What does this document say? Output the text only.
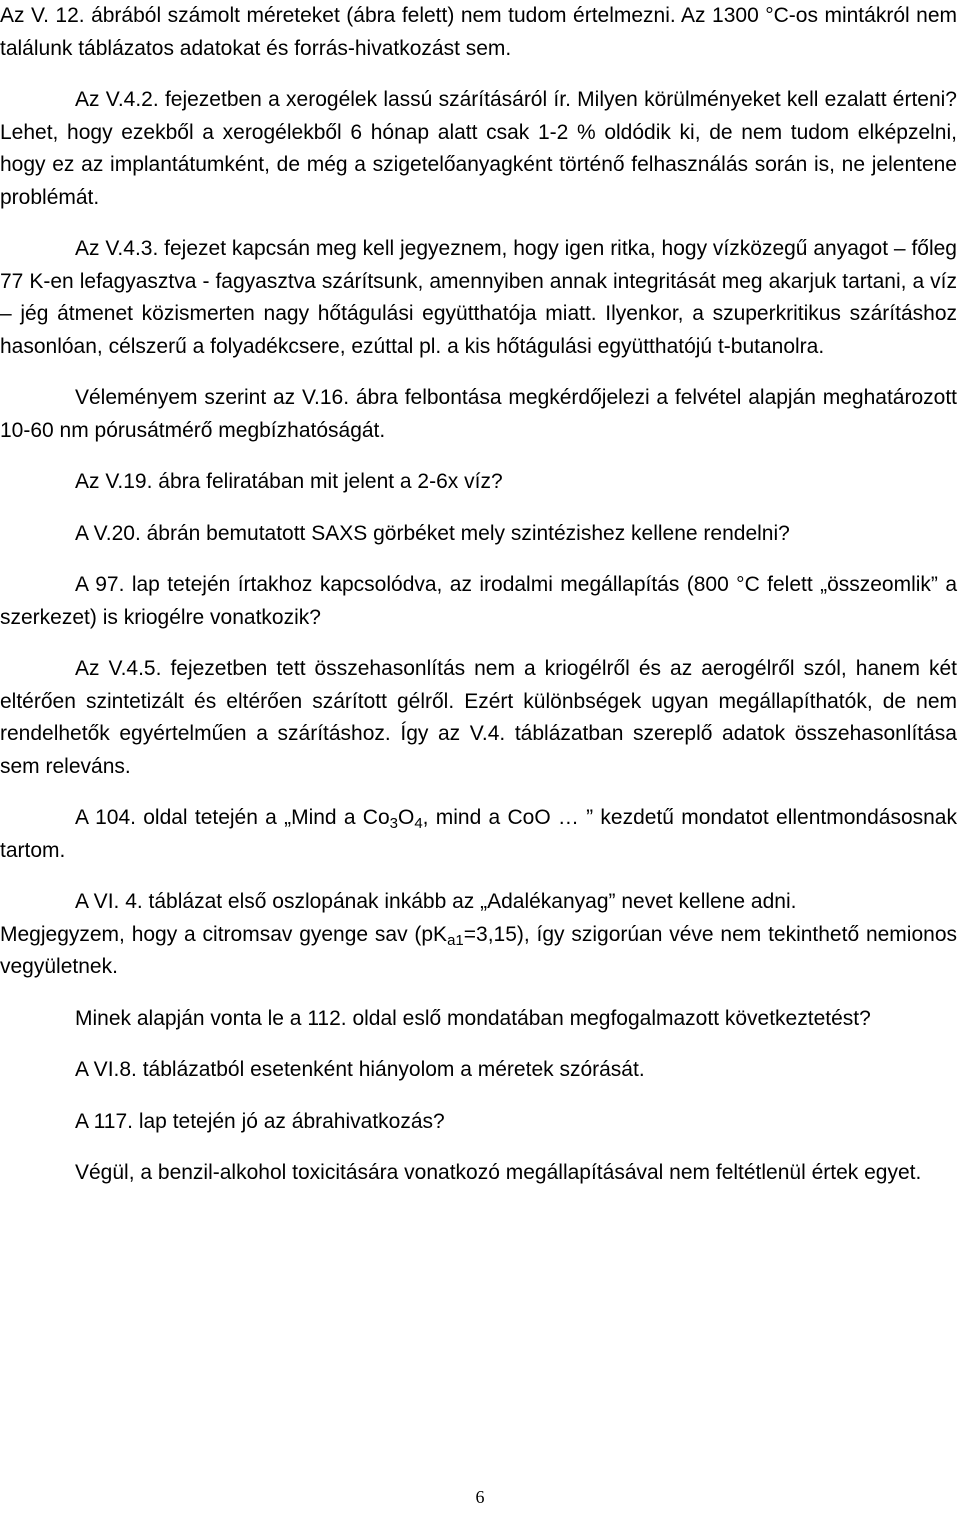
Az V. 12. ábrából számolt méreteket (ábra felett) nem tudom értelmezni. Az 1300 °C-os mintákról nem találunk táblázatos adatokat és forrás-hivatkozást sem.

Az V.4.2. fejezetben a xerogélek lassú szárításáról ír. Milyen körülményeket kell ezalatt érteni? Lehet, hogy ezekből a xerogélekből 6 hónap alatt csak 1-2 % oldódik ki, de nem tudom elképzelni, hogy ez az implantátumként, de még a szigetelőanyagként történő felhasználás során is, ne jelentene problémát.

Az V.4.3. fejezet kapcsán meg kell jegyeznem, hogy igen ritka, hogy vízközegű anyagot – főleg 77 K-en lefagyasztva - fagyasztva szárítsunk, amennyiben annak integritását meg akarjuk tartani, a víz – jég átmenet közismerten nagy hőtágulási együtthatója miatt. Ilyenkor, a szuperkritikus szárításhoz hasonlóan, célszerű a folyadékcsere, ezúttal pl. a kis hőtágulási együtthatójú t-butanolra.

Véleményem szerint az V.16. ábra felbontása megkérdőjelezi a felvétel alapján meghatározott 10-60 nm pórusátmérő megbízhatóságát.

Az V.19. ábra feliratában mit jelent a 2-6x víz?

A V.20. ábrán bemutatott SAXS görbéket mely szintézishez kellene rendelni?

A 97. lap tetején írtakhoz kapcsolódva, az irodalmi megállapítás (800 °C felett „összeomlik” a szerkezet) is kriogélre vonatkozik?

Az V.4.5. fejezetben tett összehasonlítás nem a kriogélről és az aerogélről szól, hanem két eltérően szintetizált és eltérően szárított gélről. Ezért különbségek ugyan megállapíthatók, de nem rendelhetők egyértelműen a szárításhoz. Így az V.4. táblázatban szereplő adatok összehasonlítása sem releváns.

A 104. oldal tetején a „Mind a $Co_3O_4$, mind a CoO … ” kezdetű mondatot ellentmondásosnak tartom.

A VI. 4. táblázat első oszlopának inkább az „Adalékanyag” nevet kellene adni.

Megjegyzem, hogy a citromsav gyenge sav $(pK_{a1}=3,15)$, így szigorúan véve nem tekinthető nemionos vegyületnek.

Minek alapján vonta le a 112. oldal eslő mondatában megfogalmazott következtetést?

A VI.8. táblázatból esetenként hiányolom a méretek szórását.

A 117. lap tetején jó az ábrahivatkozás?

Végül, a benzil-alkohol toxicitására vonatkozó megállapításával nem feltétlenül értek egyet.

6
